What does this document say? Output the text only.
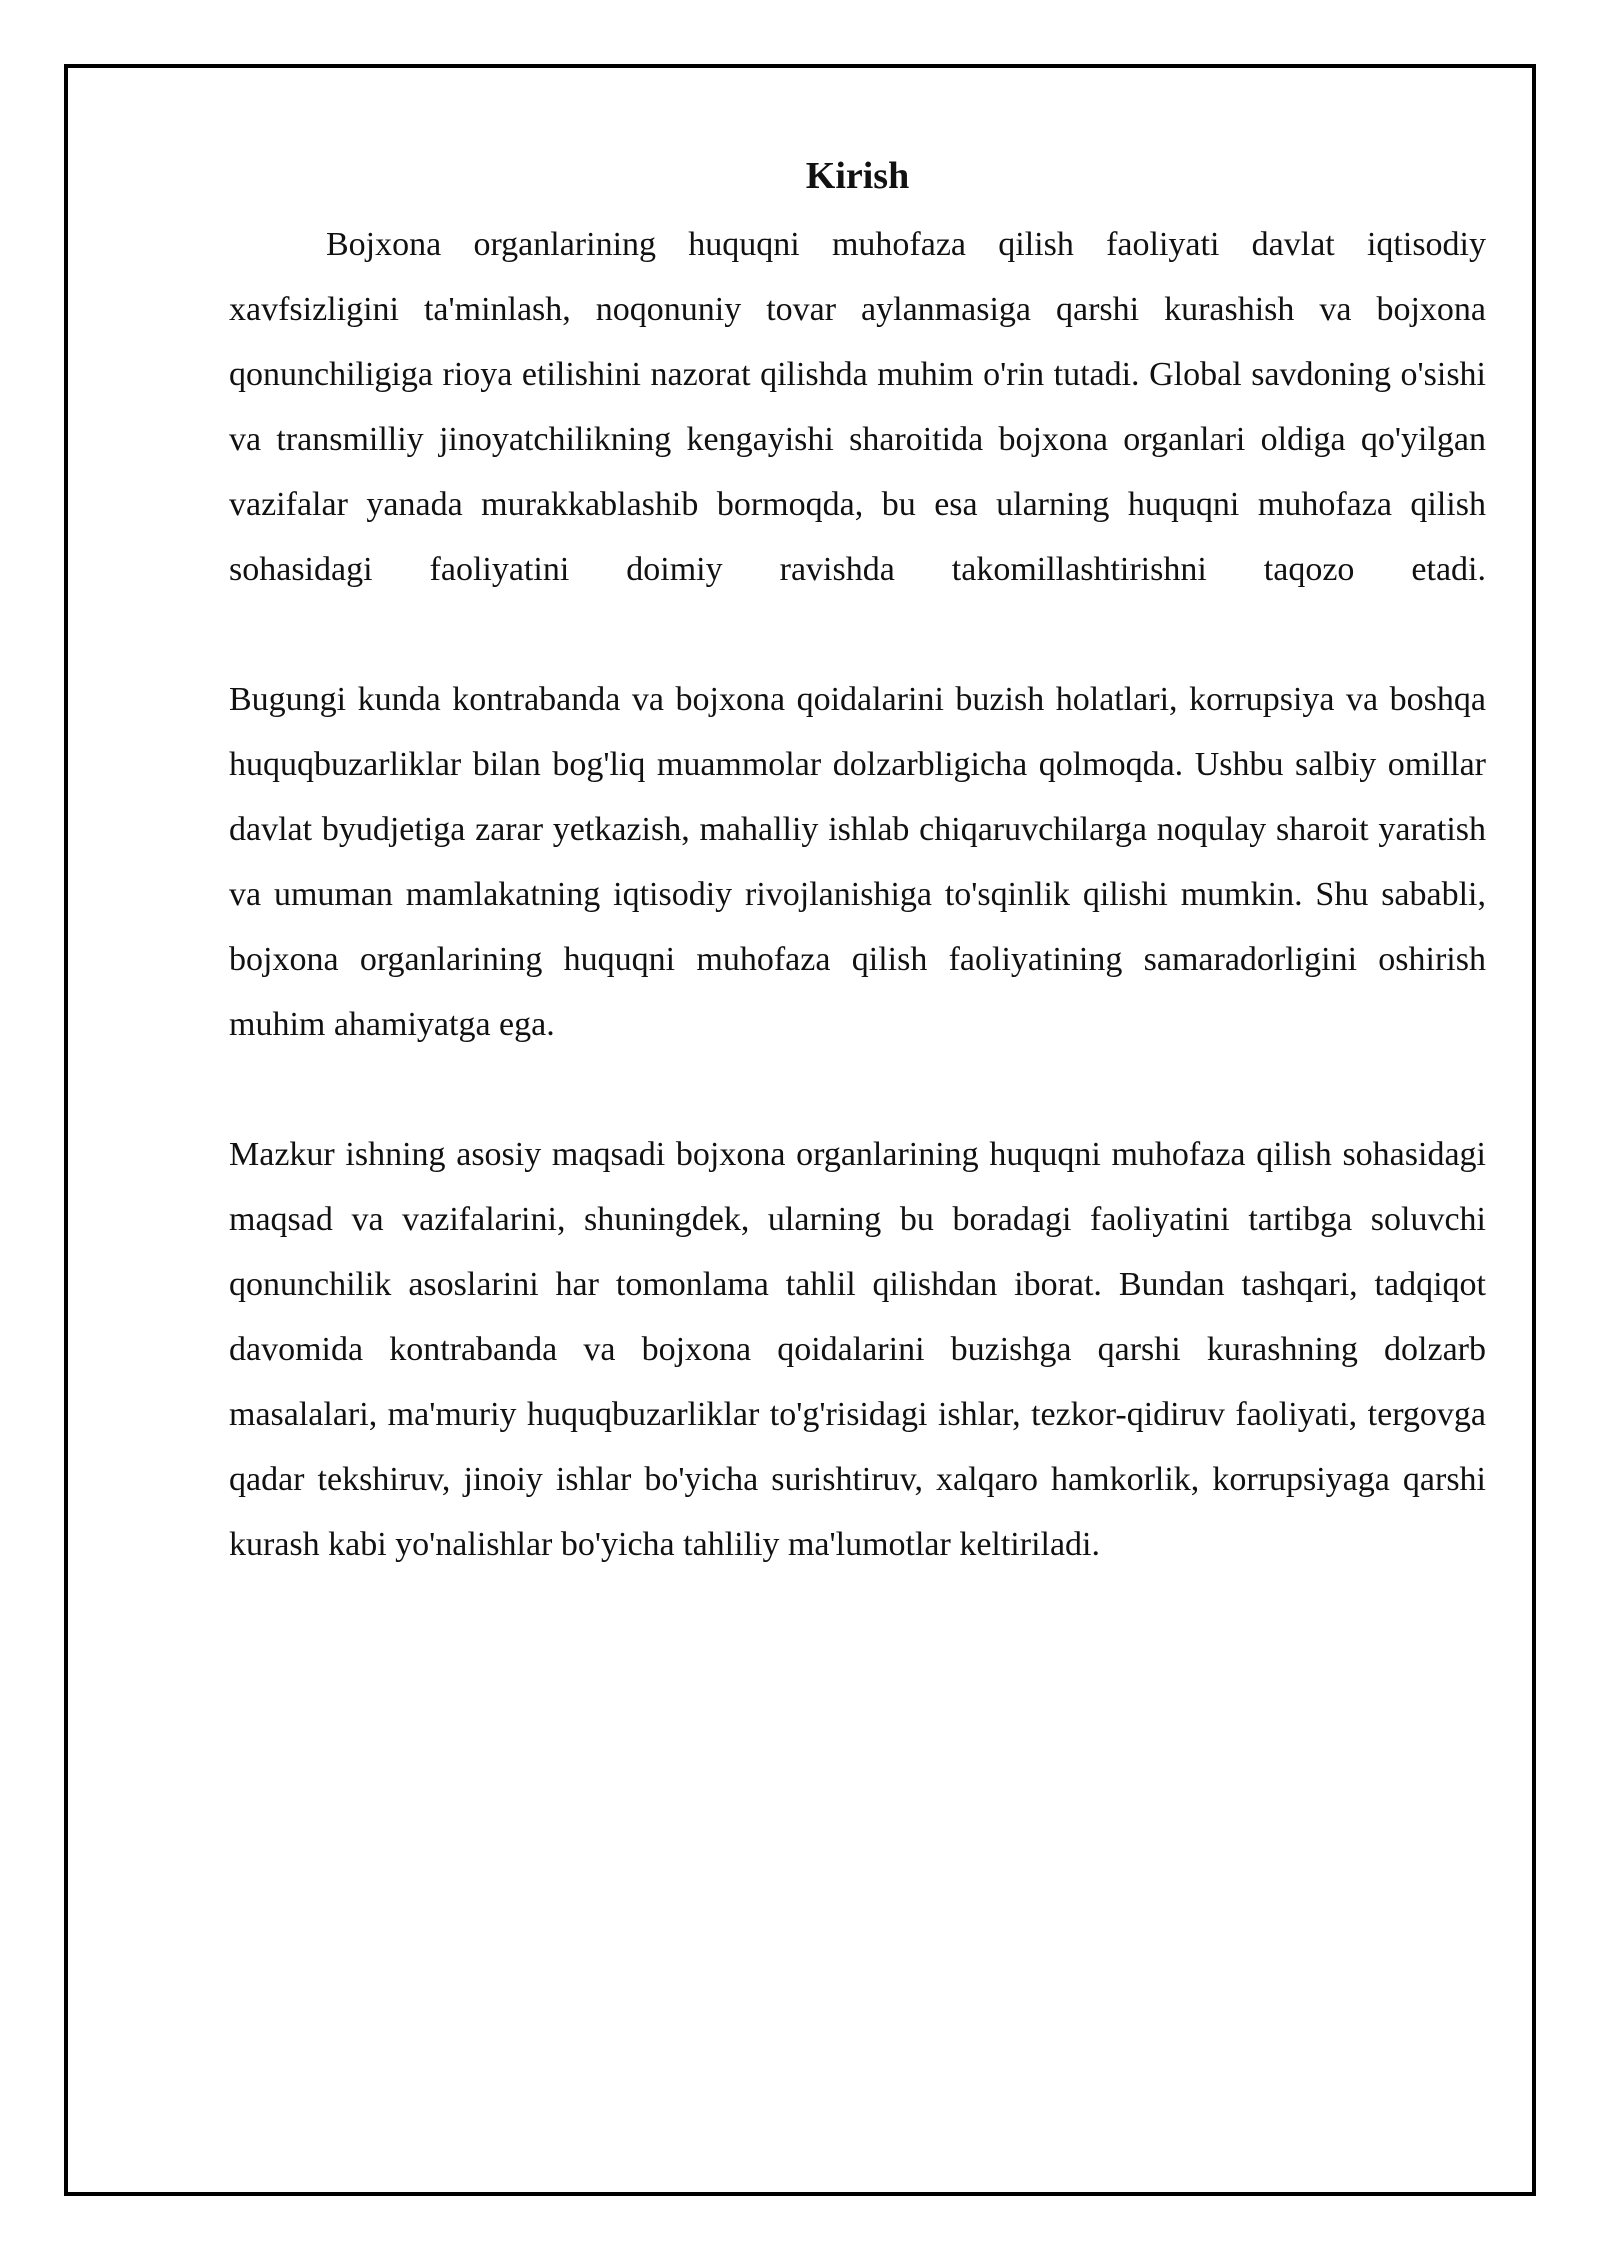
Kirish

Bojxona organlarining huquqni muhofaza qilish faoliyati davlat iqtisodiy xavfsizligini ta'minlash, noqonuniy tovar aylanmasiga qarshi kurashish va bojxona qonunchiligiga rioya etilishini nazorat qilishda muhim o'rin tutadi. Global savdoning o'sishi va transmilliy jinoyatchilikning kengayishi sharoitida bojxona organlari oldiga qo'yilgan vazifalar yanada murakkablashib bormoqda, bu esa ularning huquqni muhofaza qilish sohasidagi faoliyatini doimiy ravishda takomillashtirishni taqozo etadi.

Bugungi kunda kontrabanda va bojxona qoidalarini buzish holatlari, korrupsiya va boshqa huquqbuzarliklar bilan bog'liq muammolar dolzarbligicha qolmoqda. Ushbu salbiy omillar davlat byudjetiga zarar yetkazish, mahalliy ishlab chiqaruvchilarga noqulay sharoit yaratish va umuman mamlakatning iqtisodiy rivojlanishiga to'sqinlik qilishi mumkin. Shu sababli, bojxona organlarining huquqni muhofaza qilish faoliyatining samaradorligini oshirish muhim ahamiyatga ega.

Mazkur ishning asosiy maqsadi bojxona organlarining huquqni muhofaza qilish sohasidagi maqsad va vazifalarini, shuningdek, ularning bu boradagi faoliyatini tartibga soluvchi qonunchilik asoslarini har tomonlama tahlil qilishdan iborat. Bundan tashqari, tadqiqot davomida kontrabanda va bojxona qoidalarini buzishga qarshi kurashning dolzarb masalalari, ma'muriy huquqbuzarliklar to'g'risidagi ishlar, tezkor-qidiruv faoliyati, tergovga qadar tekshiruv, jinoiy ishlar bo'yicha surishtiruv, xalqaro hamkorlik, korrupsiyaga qarshi kurash kabi yo'nalishlar bo'yicha tahliliy ma'lumotlar keltiriladi.
